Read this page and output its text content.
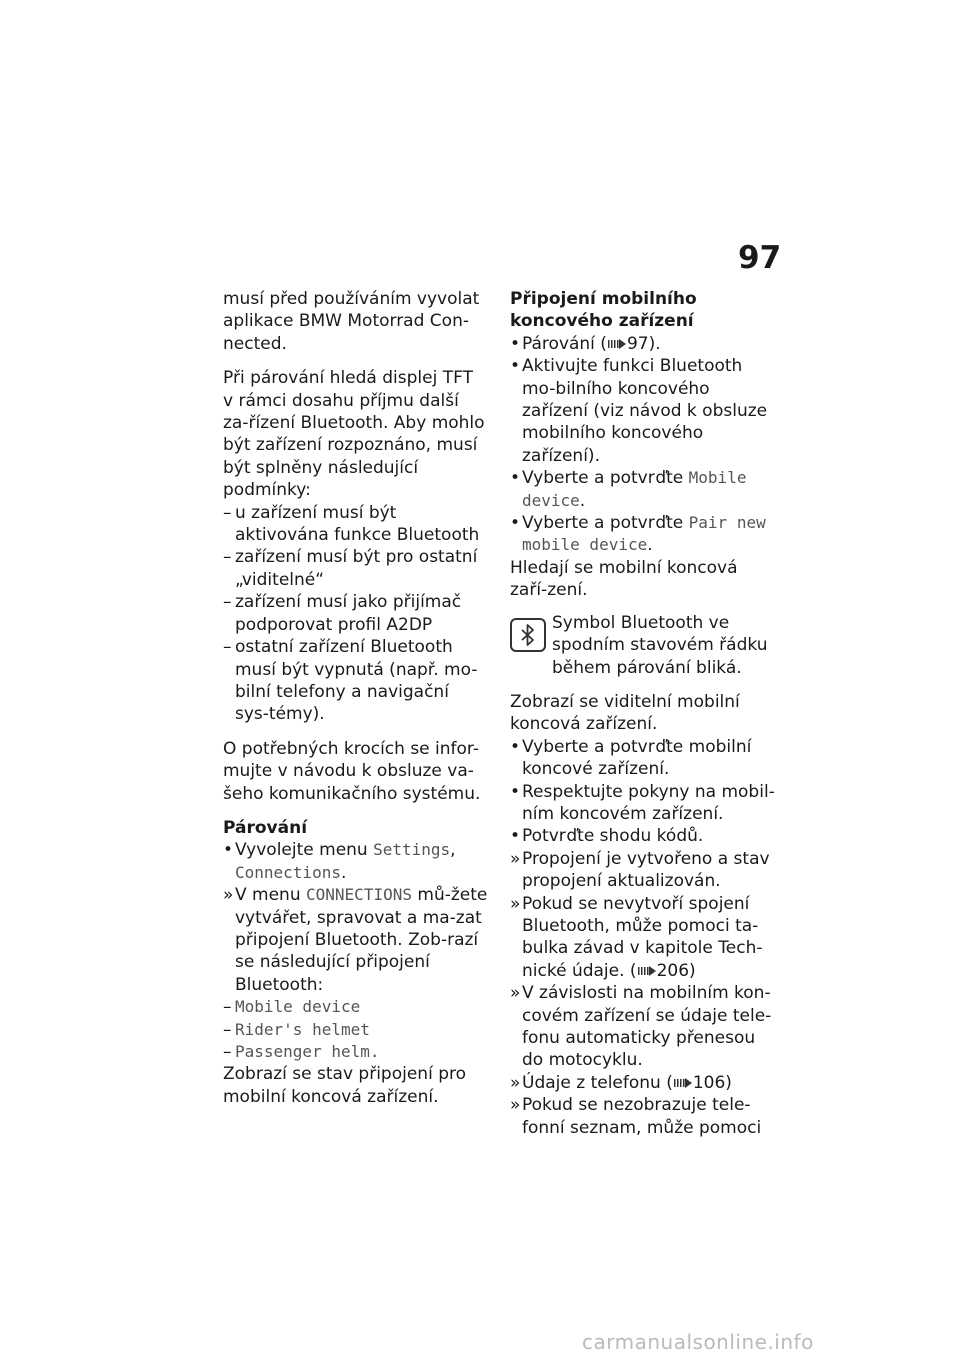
97

musí před používáním vyvolat aplikace BMW Motorrad Con-nected.

Při párování hledá displej TFT v rámci dosahu příjmu další za-řízení Bluetooth. Aby mohlo být zařízení rozpoznáno, musí být splněny následující podmínky:
– u zařízení musí být aktivována funkce Bluetooth
– zařízení musí být pro ostatní „viditelné“
– zařízení musí jako přijímač podporovat profil A2DP
– ostatní zařízení Bluetooth musí být vypnutá (např. mo-bilní telefony a navigační sys-témy).

O potřebných krocích se infor-mujte v návodu k obsluze va-šeho komunikačního systému.

Párování
• Vyvolejte menu Settings, Connections.
» V menu CONNECTIONS mů-žete vytvářet, spravovat a ma-zat připojení Bluetooth. Zob-razí se následující připojení Bluetooth:
– Mobile device
– Rider's helmet
– Passenger helm.
Zobrazí se stav připojení pro mobilní koncová zařízení.
Připojení mobilního koncového zařízení
• Párování ( 97).
• Aktivujte funkci Bluetooth mo-bilního koncového zařízení (viz návod k obsluze mobilního koncového zařízení).
• Vyberte a potvrďte Mobile device.
• Vyberte a potvrďte Pair new mobile device.
Hledají se mobilní koncová zaří-zení.
Symbol Bluetooth ve spodním stavovém řádku během párování bliká.
Zobrazí se viditelní mobilní koncová zařízení.
• Vyberte a potvrďte mobilní koncové zařízení.
• Respektujte pokyny na mobil-ním koncovém zařízení.
• Potvrďte shodu kódů.
» Propojení je vytvořeno a stav propojení aktualizován.
» Pokud se nevytvoří spojení Bluetooth, může pomoci ta-bulka závad v kapitole Tech-nické údaje. ( 206)
» V závislosti na mobilním kon-covém zařízení se údaje tele-fonu automaticky přenesou do motocyklu.
» Údaje z telefonu ( 106)
» Pokud se nezobrazuje tele-fonní seznam, může pomoci
carmanualsonline.info
